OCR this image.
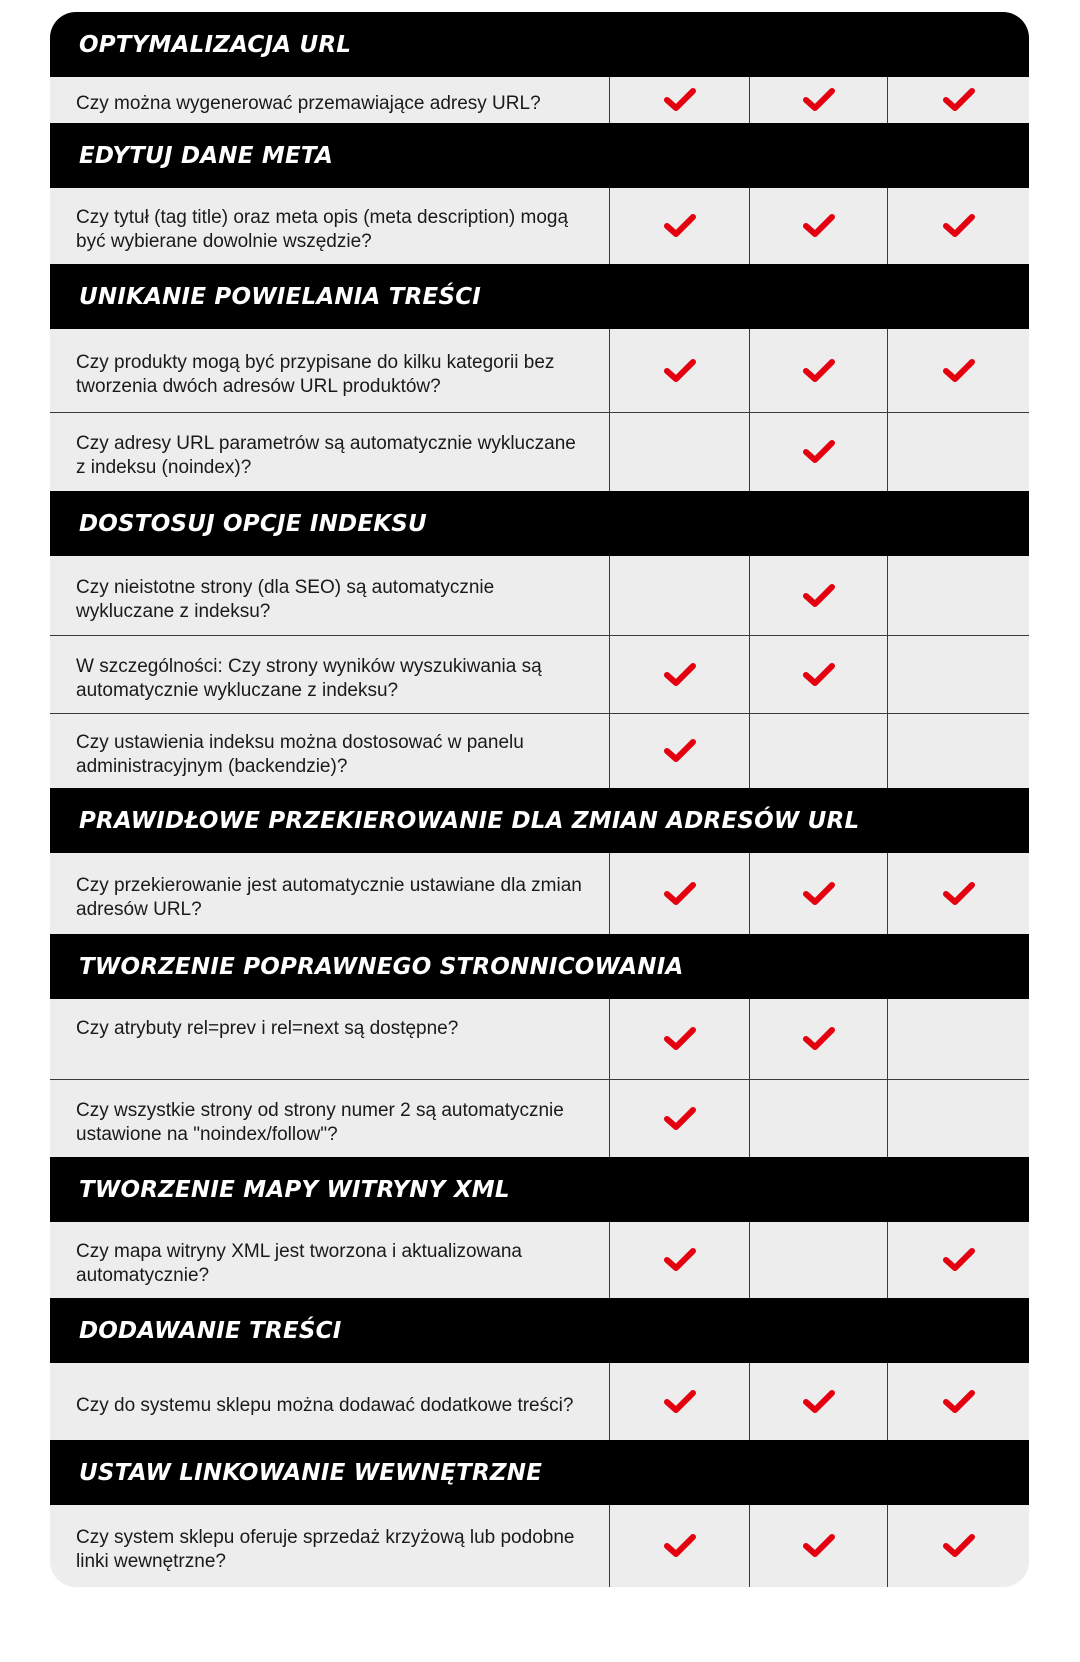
OPTYMALIZACJA URL
Czy można wygenerować przemawiające adresy URL?
EDYTUJ DANE META
Czy tytuł (tag title) oraz meta opis (meta description) mogą być wybierane dowolnie wszędzie?
UNIKANIE POWIELANIA TREŚCI
Czy produkty mogą być przypisane do kilku kategorii bez tworzenia dwóch adresów URL produktów?
Czy adresy URL parametrów są automatycznie wykluczane z indeksu (noindex)?
DOSTOSUJ OPCJE INDEKSU
Czy nieistotne strony (dla SEO) są automatycznie wykluczane z indeksu?
W szczególności: Czy strony wyników wyszukiwania są automatycznie wykluczane z indeksu?
Czy ustawienia indeksu można dostosować w panelu administracyjnym (backendzie)?
PRAWIDŁOWE PRZEKIEROWANIE DLA ZMIAN ADRESÓW URL
Czy przekierowanie jest automatycznie ustawiane dla zmian adresów URL?
TWORZENIE POPRAWNEGO STRONNICOWANIA
Czy atrybuty rel=prev i rel=next są dostępne?
Czy wszystkie strony od strony numer 2 są automatycznie ustawione na "noindex/follow"?
TWORZENIE MAPY WITRYNY XML
Czy mapa witryny XML jest tworzona i aktualizowana automatycznie?
DODAWANIE TREŚCI
Czy do systemu sklepu można dodawać dodatkowe treści?
USTAW LINKOWANIE WEWNĘTRZNE
Czy system sklepu oferuje sprzedaż krzyżową lub podobne linki wewnętrzne?
